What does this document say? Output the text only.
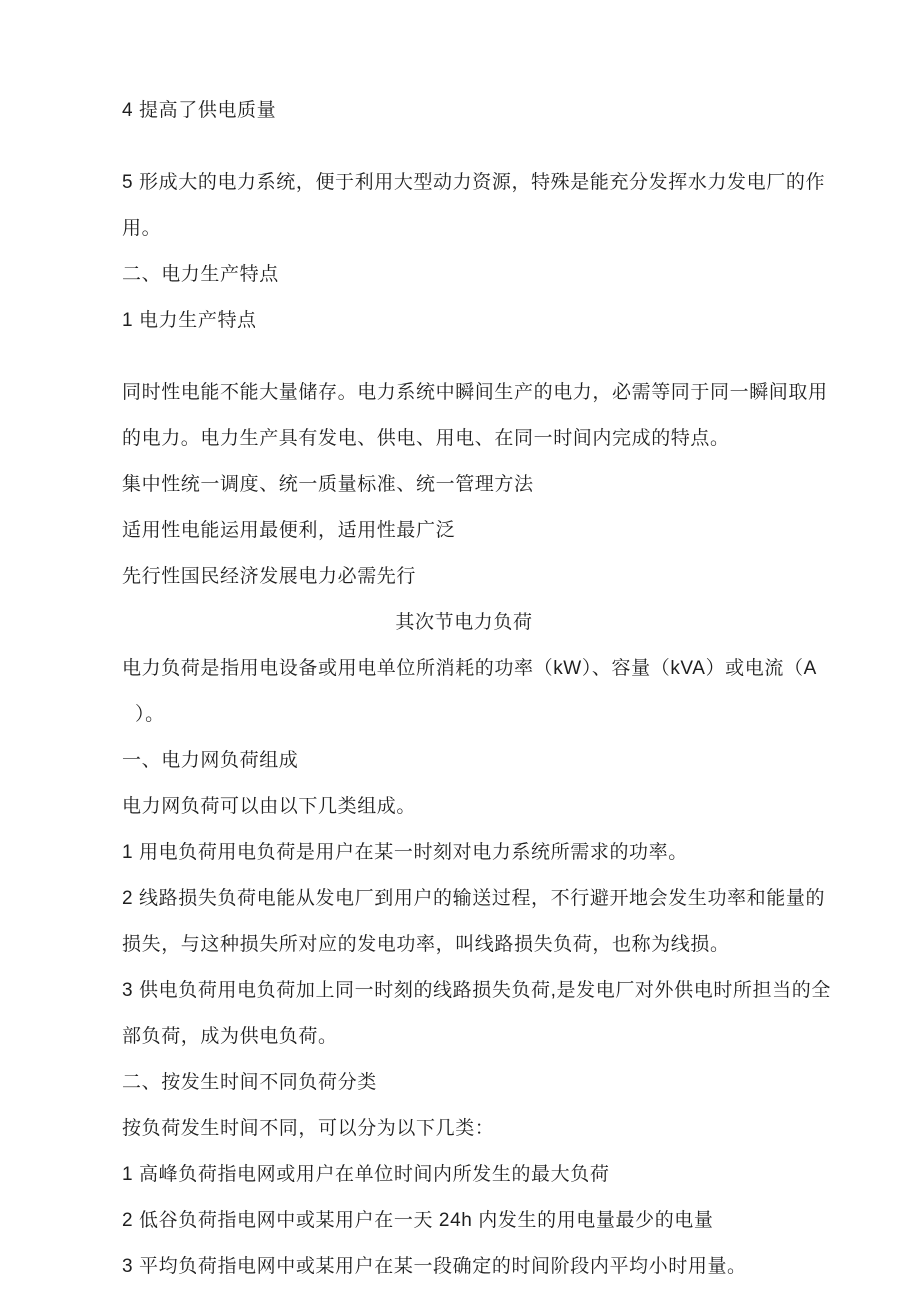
4 提高了供电质量
5 形成大的电力系统，便于利用大型动力资源，特殊是能充分发挥水力发电厂的作
用。
二、电力生产特点
1 电力生产特点
同时性电能不能大量储存。电力系统中瞬间生产的电力，必需等同于同一瞬间取用
的电力。电力生产具有发电、供电、用电、在同一时间内完成的特点。
集中性统一调度、统一质量标准、统一管理方法
适用性电能运用最便利，适用性最广泛
先行性国民经济发展电力必需先行
其次节电力负荷
电力负荷是指用电设备或用电单位所消耗的功率（kW）、容量（kVA）或电流（A
）。
一、电力网负荷组成
电力网负荷可以由以下几类组成。
1 用电负荷用电负荷是用户在某一时刻对电力系统所需求的功率。
2 线路损失负荷电能从发电厂到用户的输送过程，不行避开地会发生功率和能量的
损失，与这种损失所对应的发电功率，叫线路损失负荷，也称为线损。
3 供电负荷用电负荷加上同一时刻的线路损失负荷,是发电厂对外供电时所担当的全
部负荷，成为供电负荷。
二、按发生时间不同负荷分类
按负荷发生时间不同，可以分为以下几类：
1 高峰负荷指电网或用户在单位时间内所发生的最大负荷
2 低谷负荷指电网中或某用户在一天 24h 内发生的用电量最少的电量
3 平均负荷指电网中或某用户在某一段确定的时间阶段内平均小时用量。
